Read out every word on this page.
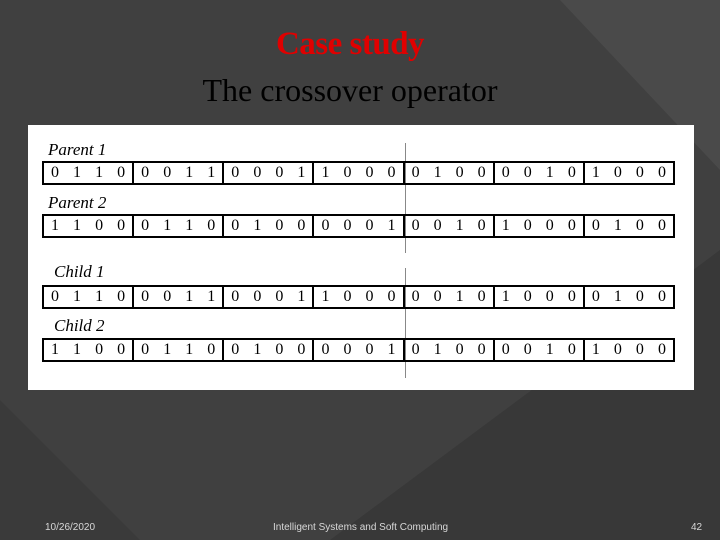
Case study
The crossover operator
Parent 1
0 1 1 0	0 0 1 1	0 0 0 1	1 0 0 0	0 1 0 0	0 0 1 0	1 0 0 0
Parent 2
1 1 0 0	0 1 1 0	0 1 0 0	0 0 0 1	0 0 1 0	1 0 0 0	0 1 0 0
Child 1
0 1 1 0	0 0 1 1	0 0 0 1	1 0 0 0	0 0 1 0	1 0 0 0	0 1 0 0
Child 2
1 1 0 0	0 1 1 0	0 1 0 0	0 0 0 1	0 1 0 0	0 0 1 0	1 0 0 0
10/26/2020	Intelligent Systems and Soft Computing	42
